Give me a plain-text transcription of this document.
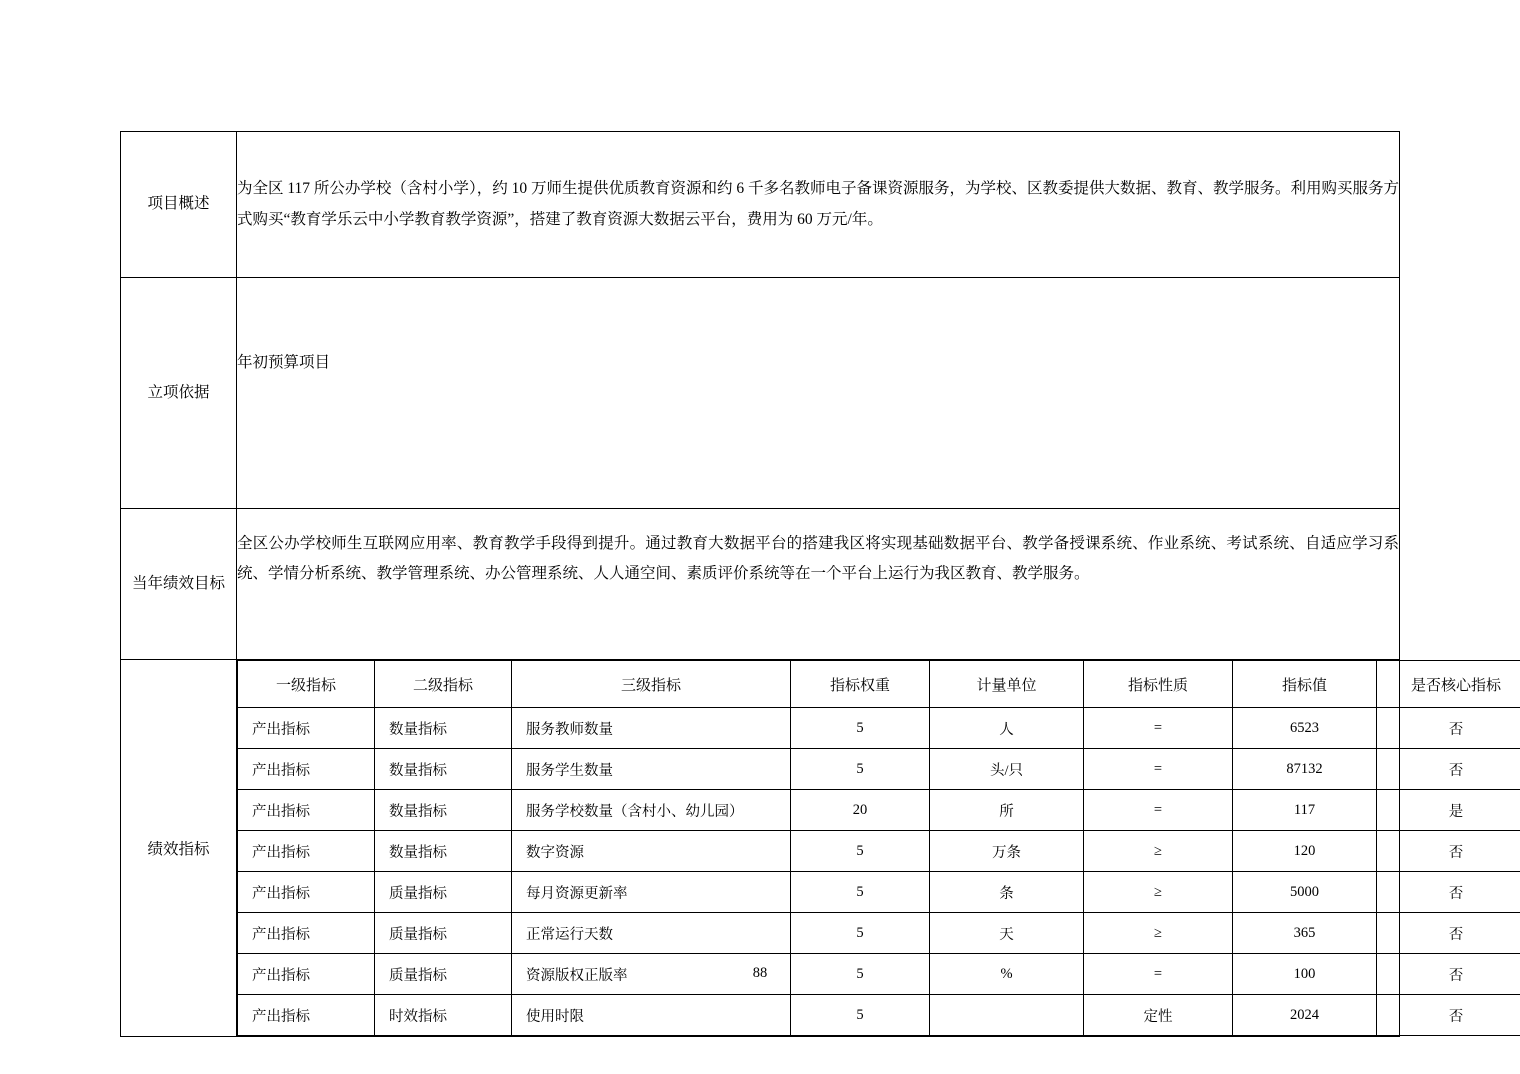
项目概述	为全区 117 所公办学校（含村小学），约 10 万师生提供优质教育资源和约 6 千多名教师电子备课资源服务，为学校、区教委提供大数据、教育、教学服务。利用购买服务方式购买“教育学乐云中小学教育教学资源”，搭建了教育资源大数据云平台，费用为 60 万元/年。
立项依据	年初预算项目
当年绩效目标	全区公办学校师生互联网应用率、教育教学手段得到提升。通过教育大数据平台的搭建我区将实现基础数据平台、教学备授课系统、作业系统、考试系统、自适应学习系统、学情分析系统、教学管理系统、办公管理系统、人人通空间、素质评价系统等在一个平台上运行为我区教育、教学服务。
绩效指标	
一级指标	二级指标	三级指标	指标权重	计量单位	指标性质	指标值	是否核心指标
产出指标	数量指标	服务教师数量	5	人	=	6523	否
产出指标	数量指标	服务学生数量	5	头/只	=	87132	否
产出指标	数量指标	服务学校数量（含村小、幼儿园）	20	所	=	117	是
产出指标	数量指标	数字资源	5	万条	≥	120	否
产出指标	质量指标	每月资源更新率	5	条	≥	5000	否
产出指标	质量指标	正常运行天数	5	天	≥	365	否
产出指标	质量指标	资源版权正版率	5	%	=	100	否
产出指标	时效指标	使用时限	5		定性	2024	否
88
